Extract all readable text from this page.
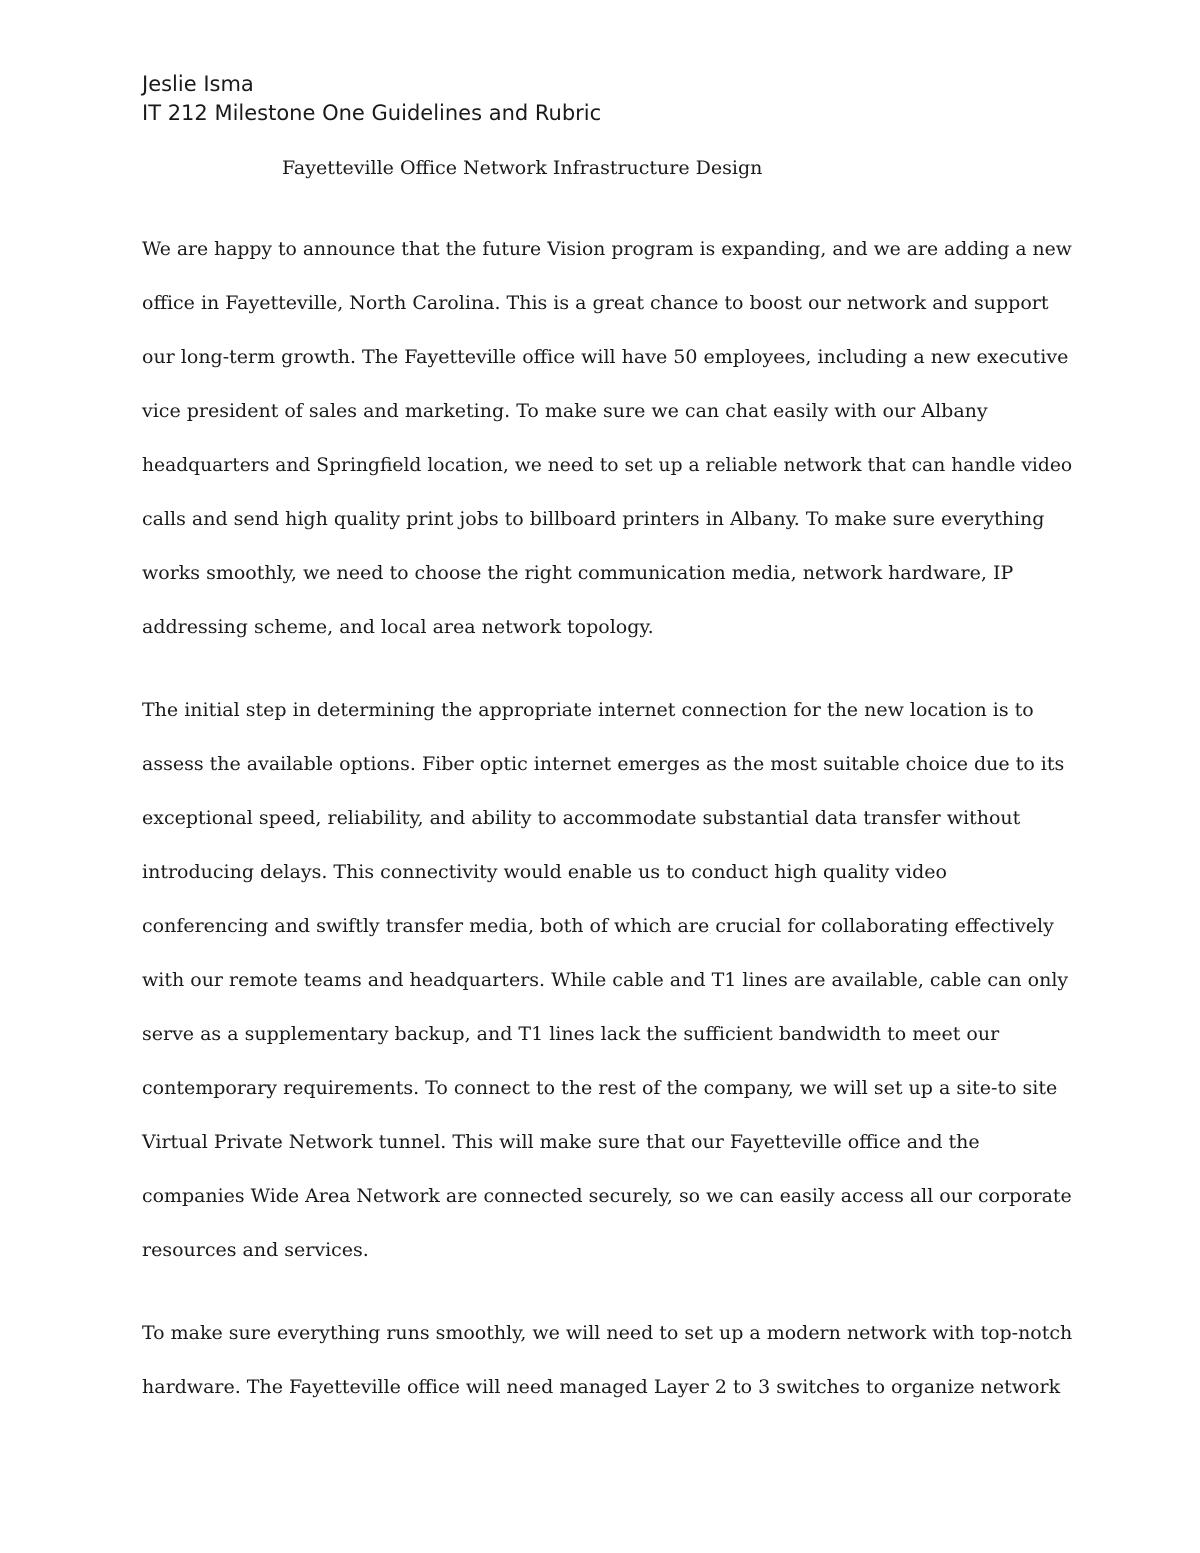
Jeslie Isma
IT 212 Milestone One Guidelines and Rubric
Fayetteville Office Network Infrastructure Design
We are happy to announce that the future Vision program is expanding, and we are adding a new
office in Fayetteville, North Carolina. This is a great chance to boost our network and support
our long-term growth. The Fayetteville office will have 50 employees, including a new executive
vice president of sales and marketing. To make sure we can chat easily with our Albany
headquarters and Springfield location, we need to set up a reliable network that can handle video
calls and send high quality print jobs to billboard printers in Albany. To make sure everything
works smoothly, we need to choose the right communication media, network hardware, IP
addressing scheme, and local area network topology.
The initial step in determining the appropriate internet connection for the new location is to
assess the available options. Fiber optic internet emerges as the most suitable choice due to its
exceptional speed, reliability, and ability to accommodate substantial data transfer without
introducing delays. This connectivity would enable us to conduct high quality video
conferencing and swiftly transfer media, both of which are crucial for collaborating effectively
with our remote teams and headquarters. While cable and T1 lines are available, cable can only
serve as a supplementary backup, and T1 lines lack the sufficient bandwidth to meet our
contemporary requirements. To connect to the rest of the company, we will set up a site-to site
Virtual Private Network tunnel. This will make sure that our Fayetteville office and the
companies Wide Area Network are connected securely, so we can easily access all our corporate
resources and services.
To make sure everything runs smoothly, we will need to set up a modern network with top-notch
hardware. The Fayetteville office will need managed Layer 2 to 3 switches to organize network
